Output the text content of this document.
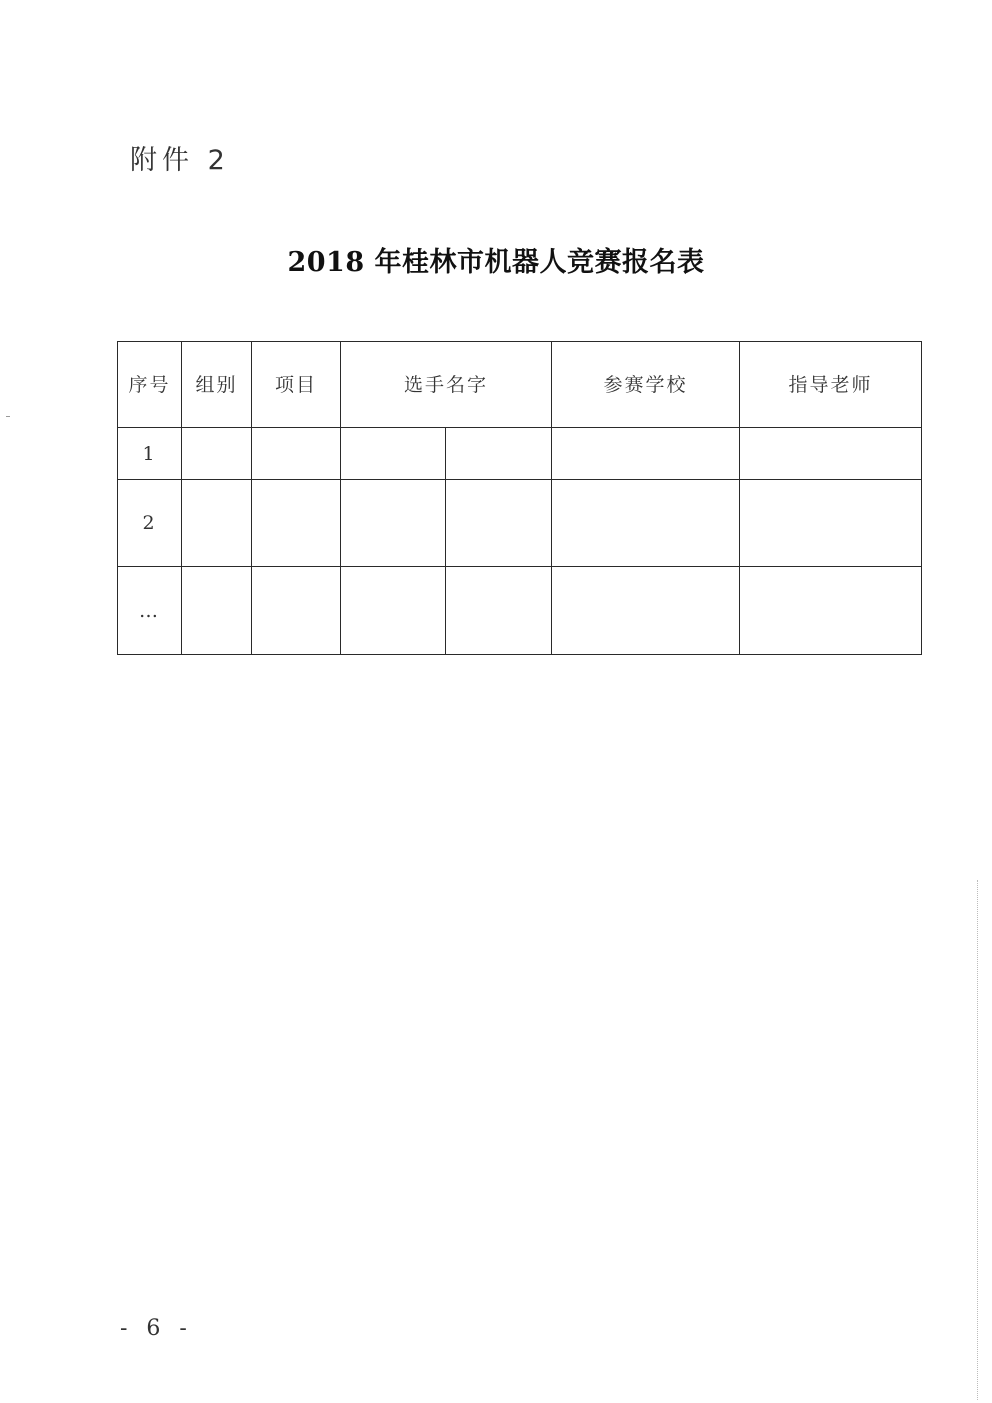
附件 2
2018 年桂林市机器人竞赛报名表
序号	组别	项目	选手名字		参赛学校	指导老师
1						
2						
…						
- 6 -
